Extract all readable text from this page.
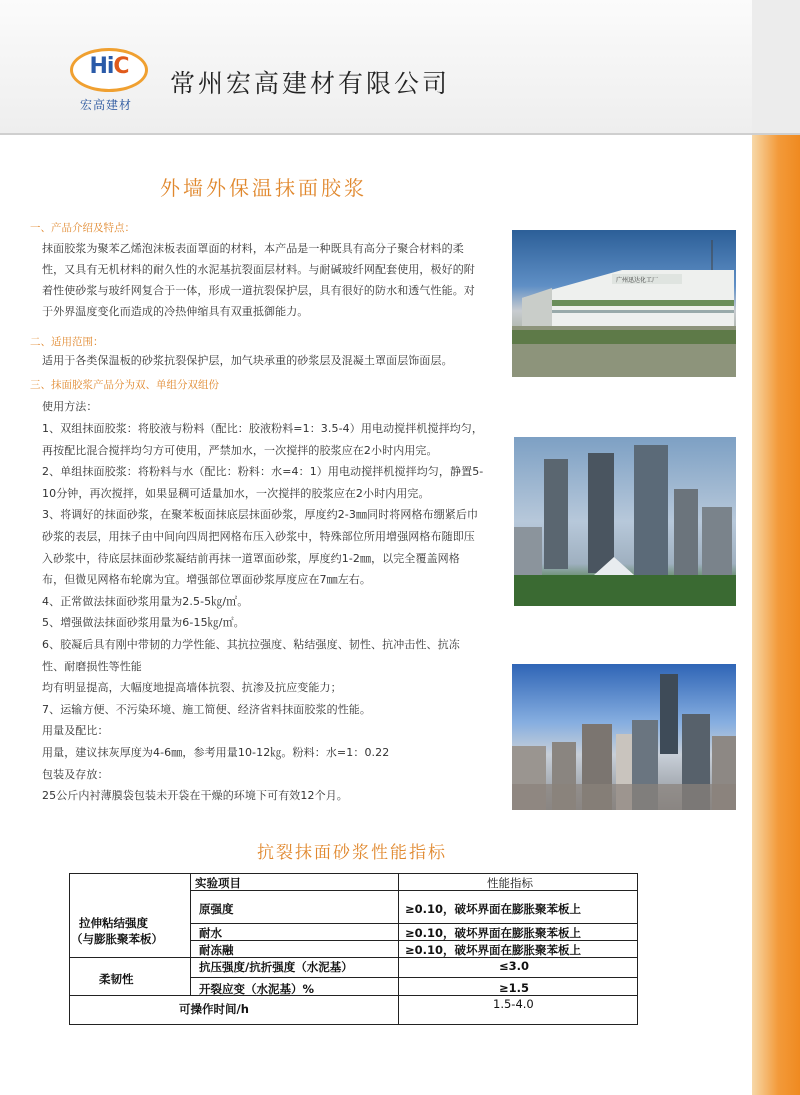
HiC
宏高建材
常州宏高建材有限公司
外墙外保温抹面胶浆
一、产品介绍及特点：
抹面胶浆为聚苯乙烯泡沫板表面罩面的材料，本产品是一种既具有高分子聚合材料的柔
性，又具有无机材料的耐久性的水泥基抗裂面层材料。与耐碱玻纤网配套使用，极好的附
着性使砂浆与玻纤网复合于一体，形成一道抗裂保护层，具有很好的防水和透气性能。对
于外界温度变化而造成的冷热伸缩具有双重抵御能力。
二、适用范围：
适用于各类保温板的砂浆抗裂保护层，加气块承重的砂浆层及混凝土罩面层饰面层。
三、抹面胶浆产品分为双、单组分双组份
使用方法：
1、双组抹面胶浆：将胶液与粉料（配比：胶液粉料=1：3.5-4）用电动搅拌机搅拌均匀，
再按配比混合搅拌均匀方可使用，严禁加水，一次搅拌的胶浆应在2小时内用完。
2、单组抹面胶浆：将粉料与水（配比：粉料：水=4：1）用电动搅拌机搅拌均匀，静置5-
10分钟，再次搅拌，如果显稠可适量加水，一次搅拌的胶浆应在2小时内用完。
3、将调好的抹面砂浆，在聚苯板面抹底层抹面砂浆，厚度约2-3㎜同时将网格布绷紧后巾
砂浆的表层，用抹子由中间向四周把网格布压入砂浆中，特殊部位所用增强网格布随即压
入砂浆中，待底层抹面砂浆凝结前再抹一道罩面砂浆，厚度约1-2㎜，以完全覆盖网格
布，但微见网格布轮廓为宜。增强部位罩面砂浆厚度应在7㎜左右。
4、正常做法抹面砂浆用量为2.5-5㎏/㎡。
5、增强做法抹面砂浆用量为6-15㎏/㎡。
6、胶凝后具有刚中带韧的力学性能、其抗拉强度、粘结强度、韧性、抗冲击性、抗冻
性、耐磨损性等性能
均有明显提高，大幅度地提高墙体抗裂、抗渗及抗应变能力；
7、运输方便、不污染环境、施工简便、经济省料抹面胶浆的性能。
用量及配比：
用量，建议抹灰厚度为4-6㎜，参考用量10-12㎏。粉料：水=1：0.22
包装及存放：
25公斤内衬薄膜袋包装未开袋在干燥的环境下可有效12个月。
广州迅达化工厂
抗裂抹面砂浆性能指标
实验项目	性能指标
拉伸粘结强度
（与膨胀聚苯板）
原强度	≥0.10，破坏界面在膨胀聚苯板上
耐水	≥0.10，破坏界面在膨胀聚苯板上
耐冻融	≥0.10，破坏界面在膨胀聚苯板上
柔韧性
抗压强度/抗折强度（水泥基）	≤3.0
开裂应变（水泥基）%	≥1.5
可操作时间/h	1.5-4.0
